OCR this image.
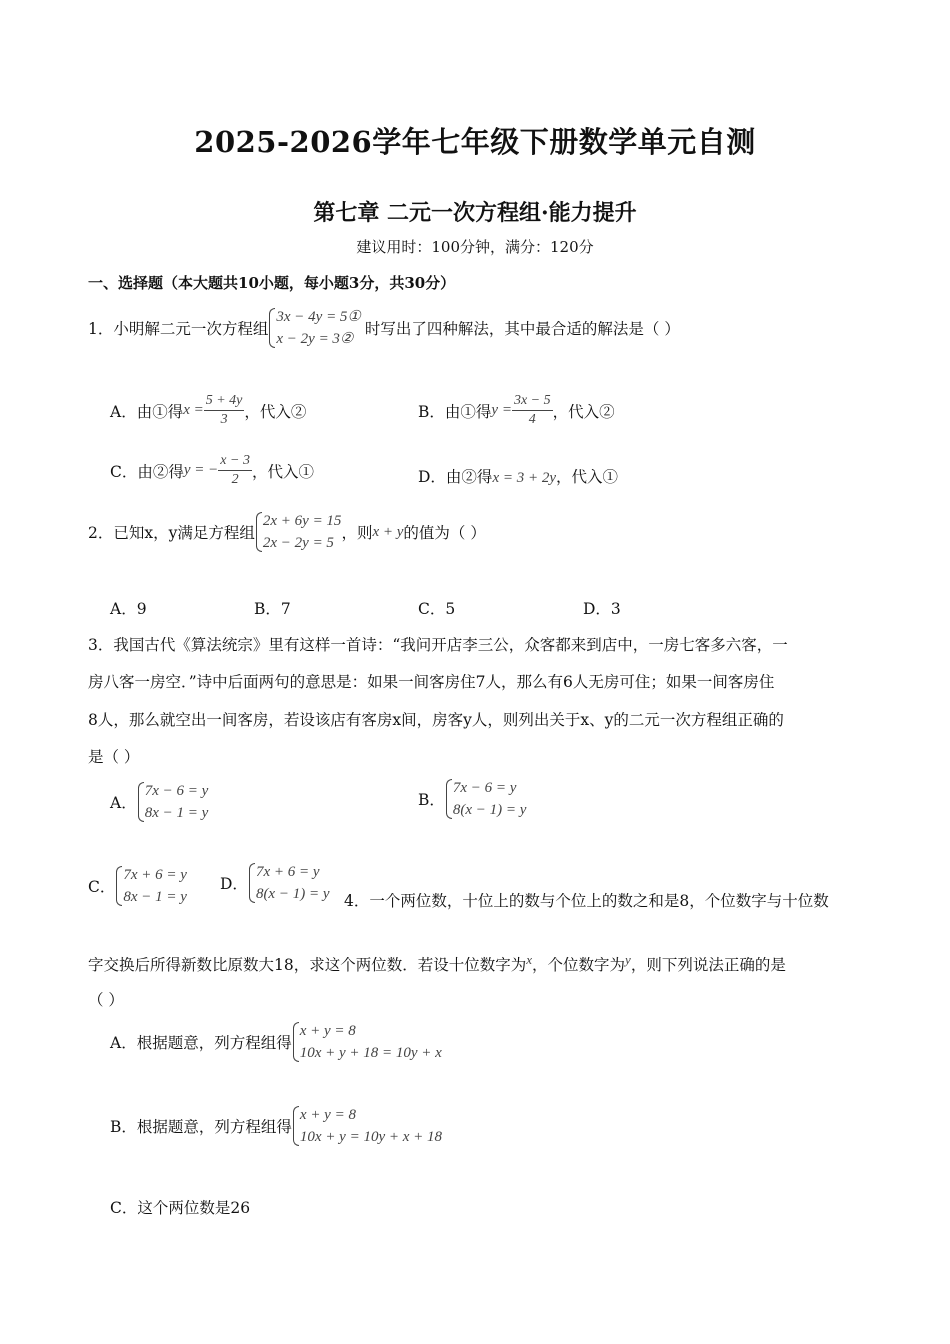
2025-2026学年七年级下册数学单元自测
第七章 二元一次方程组·能力提升
建议用时：100分钟，满分：120分
一、选择题（本大题共10小题，每小题3分，共30分）
1．小明解二元一次方程组
3x − 4y = 5①
x − 2y = 3②
时写出了四种解法，其中最合适的解法是（ ）
A．由①得 $x = \frac{5 + 4y}{3}$ ，代入②	B．由①得 $y = \frac{3x - 5}{4}$ ，代入②
C．由②得 y = − $\frac{x - 3}{2}$ ，代入①	D．由②得 x = 3 + 2y ，代入①
2．已知x，y满足方程组
2x + 6y = 15
2x − 2y = 5
，则 x + y 的值为（ ）
A．9	B．7	C．5	D．3
3．我国古代《算法统宗》里有这样一首诗：“我问开店李三公，众客都来到店中，一房七客多六客，一
房八客一房空．”诗中后面两句的意思是：如果一间客房住7人，那么有6人无房可住；如果一间客房住
8人，那么就空出一间客房，若设该店有客房x间，房客y人，则列出关于x、y的二元一次方程组正确的
是（ ）
A．
7x − 6 = y
8x − 1 = y
B．
7x − 6 = y
8(x − 1) = y
C．
7x + 6 = y
8x − 1 = y
D．
7x + 6 = y
8(x − 1) = y 4．一个两位数，十位上的数与个位上的数之和是8，个位数字与十位数
字交换后所得新数比原数大18，求这个两位数．若设十位数字为$^x$，个位数字为$^y$，则下列说法正确的是
（ ）
A．根据题意，列方程组得
x + y = 8
10x + y + 18 = 10y + x
B．根据题意，列方程组得
x + y = 8
10x + y = 10y + x + 18
C．这个两位数是26
